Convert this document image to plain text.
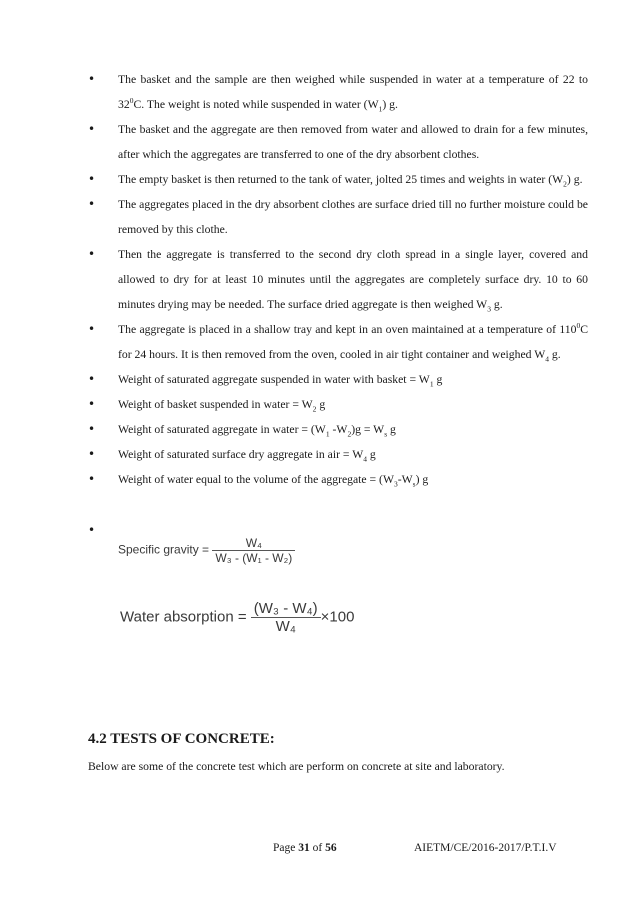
• The basket and the sample are then weighed while suspended in water at a temperature of 22 to $32^0C$. The weight is noted while suspended in water $(W_1)$ g.
• The basket and the aggregate are then removed from water and allowed to drain for a few minutes, after which the aggregates are transferred to one of the dry absorbent clothes.
• The empty basket is then returned to the tank of water, jolted 25 times and weights in water $(W_2)$ g.
• The aggregates placed in the dry absorbent clothes are surface dried till no further moisture could be removed by this clothe.
• Then the aggregate is transferred to the second dry cloth spread in a single layer, covered and allowed to dry for at least 10 minutes until the aggregates are completely surface dry. 10 to 60 minutes drying may be needed. The surface dried aggregate is then weighed $W_3$ g.
• The aggregate is placed in a shallow tray and kept in an oven maintained at a temperature of $110^0C$ for 24 hours. It is then removed from the oven, cooled in air tight container and weighed $W_4$ g.
• Weight of saturated aggregate suspended in water with basket = $W_1$ g
• Weight of basket suspended in water = $W_2$ g
• Weight of saturated aggregate in water = ($W_1$ $-W_2)g = W_s$ g
• Weight of saturated surface dry aggregate in air = $W_4$ g
• Weight of water equal to the volume of the aggregate = $(W_3-W_s)$ g
Specific gravity = $\frac{\text{W₄}}{\text{W₃ - (W₁ - W₂)}}$
Water absorption = $\frac{\text{(W₃ - W₄)}}{\text{W₄}} \times 100$
4.2 TESTS OF CONCRETE:

Below are some of the concrete test which are perform on concrete at site and laboratory.

Page 31 of 56	AIETM/CE/2016-2017/P.T.I.V
